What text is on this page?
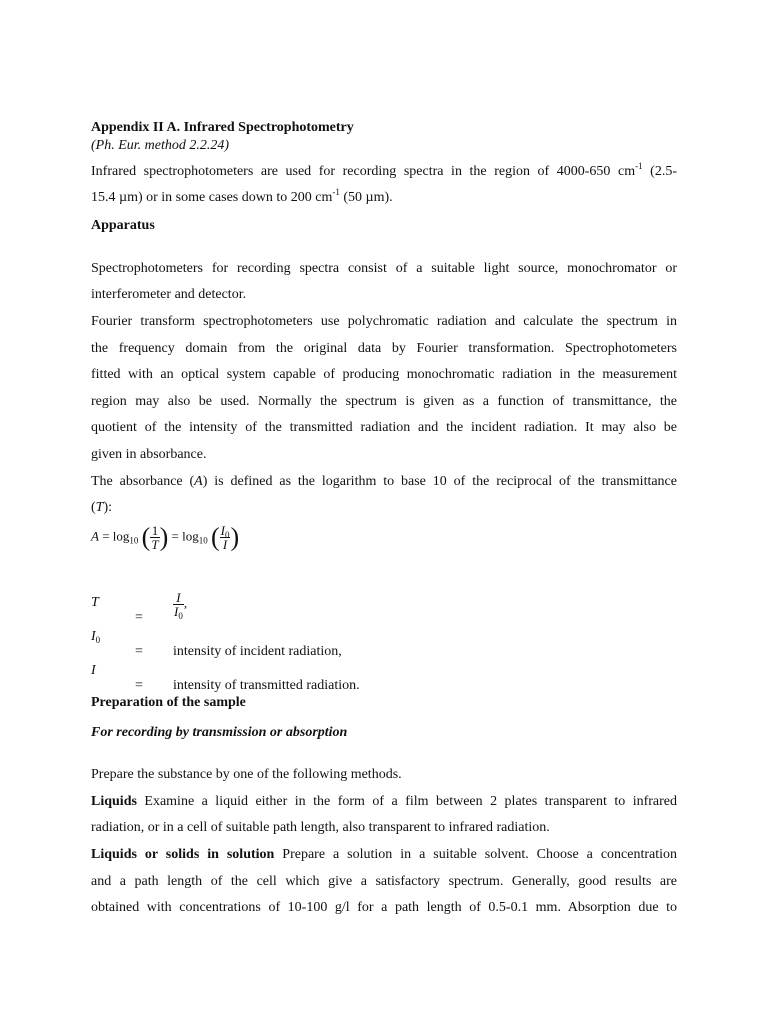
Appendix II A. Infrared Spectrophotometry
(Ph. Eur. method 2.2.24)
Infrared spectrophotometers are used for recording spectra in the region of 4000-650 $cm^{-1}$ (2.5-
15.4 µm) or in some cases down to 200 $cm^{-1}$ (50 µm).
Apparatus
Spectrophotometers for recording spectra consist of a suitable light source, monochromator or
interferometer and detector.
Fourier transform spectrophotometers use polychromatic radiation and calculate the spectrum in
the frequency domain from the original data by Fourier transformation. Spectrophotometers
fitted with an optical system capable of producing monochromatic radiation in the measurement
region may also be used. Normally the spectrum is given as a function of transmittance, the
quotient of the intensity of the transmitted radiation and the incident radiation. It may also be
given in absorbance.
The absorbance (A) is defined as the logarithm to base 10 of the reciprocal of the transmittance
(T):
$A = \log_{10}$ ( $\frac{1}{T}$ ) = $\log_{10}$ ( $\frac{I_0}{I}$ )
T
= $\frac{I}{I_0}$ ,
$I_0$
= intensity of incident radiation,
I
= intensity of transmitted radiation.
Preparation of the sample
For recording by transmission or absorption
Prepare the substance by one of the following methods.
Liquids Examine a liquid either in the form of a film between 2 plates transparent to infrared
radiation, or in a cell of suitable path length, also transparent to infrared radiation.
Liquids or solids in solution Prepare a solution in a suitable solvent. Choose a concentration
and a path length of the cell which give a satisfactory spectrum. Generally, good results are
obtained with concentrations of 10-100 g/l for a path length of 0.5-0.1 mm. Absorption due to
